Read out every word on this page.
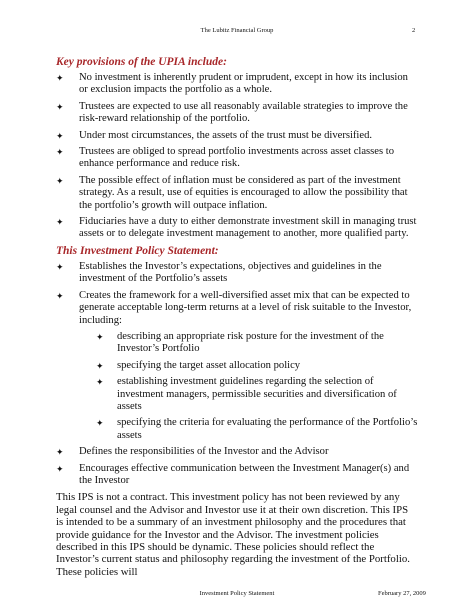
The Lubitz Financial Group	2

Key provisions of the UPIA include:

✦ No investment is inherently prudent or imprudent, except in how its inclusion or exclusion impacts the portfolio as a whole.
✦ Trustees are expected to use all reasonably available strategies to improve the risk-reward relationship of the portfolio.
✦ Under most circumstances, the assets of the trust must be diversified.
✦ Trustees are obliged to spread portfolio investments across asset classes to enhance performance and reduce risk.
✦ The possible effect of inflation must be considered as part of the investment strategy. As a result, use of equities is encouraged to allow the possibility that the portfolio’s growth will outpace inflation.
✦ Fiduciaries have a duty to either demonstrate investment skill in managing trust assets or to delegate investment management to another, more qualified party.

This Investment Policy Statement:

✦ Establishes the Investor’s expectations, objectives and guidelines in the investment of the Portfolio’s assets
✦ Creates the framework for a well-diversified asset mix that can be expected to generate acceptable long-term returns at a level of risk suitable to the Investor, including:
✦ describing an appropriate risk posture for the investment of the Investor’s Portfolio
✦ specifying the target asset allocation policy
✦ establishing investment guidelines regarding the selection of investment managers, permissible securities and diversification of assets
✦ specifying the criteria for evaluating the performance of the Portfolio’s assets
✦ Defines the responsibilities of the Investor and the Advisor
✦ Encourages effective communication between the Investment Manager(s) and the Investor
This IPS is not a contract. This investment policy has not been reviewed by any legal counsel and the Advisor and Investor use it at their own discretion. This IPS is intended to be a summary of an investment philosophy and the procedures that provide guidance for the Investor and the Advisor. The investment policies described in this IPS should be dynamic. These policies should reflect the Investor’s current status and philosophy regarding the investment of the Portfolio. These policies will
Investment Policy Statement	February 27, 2009
